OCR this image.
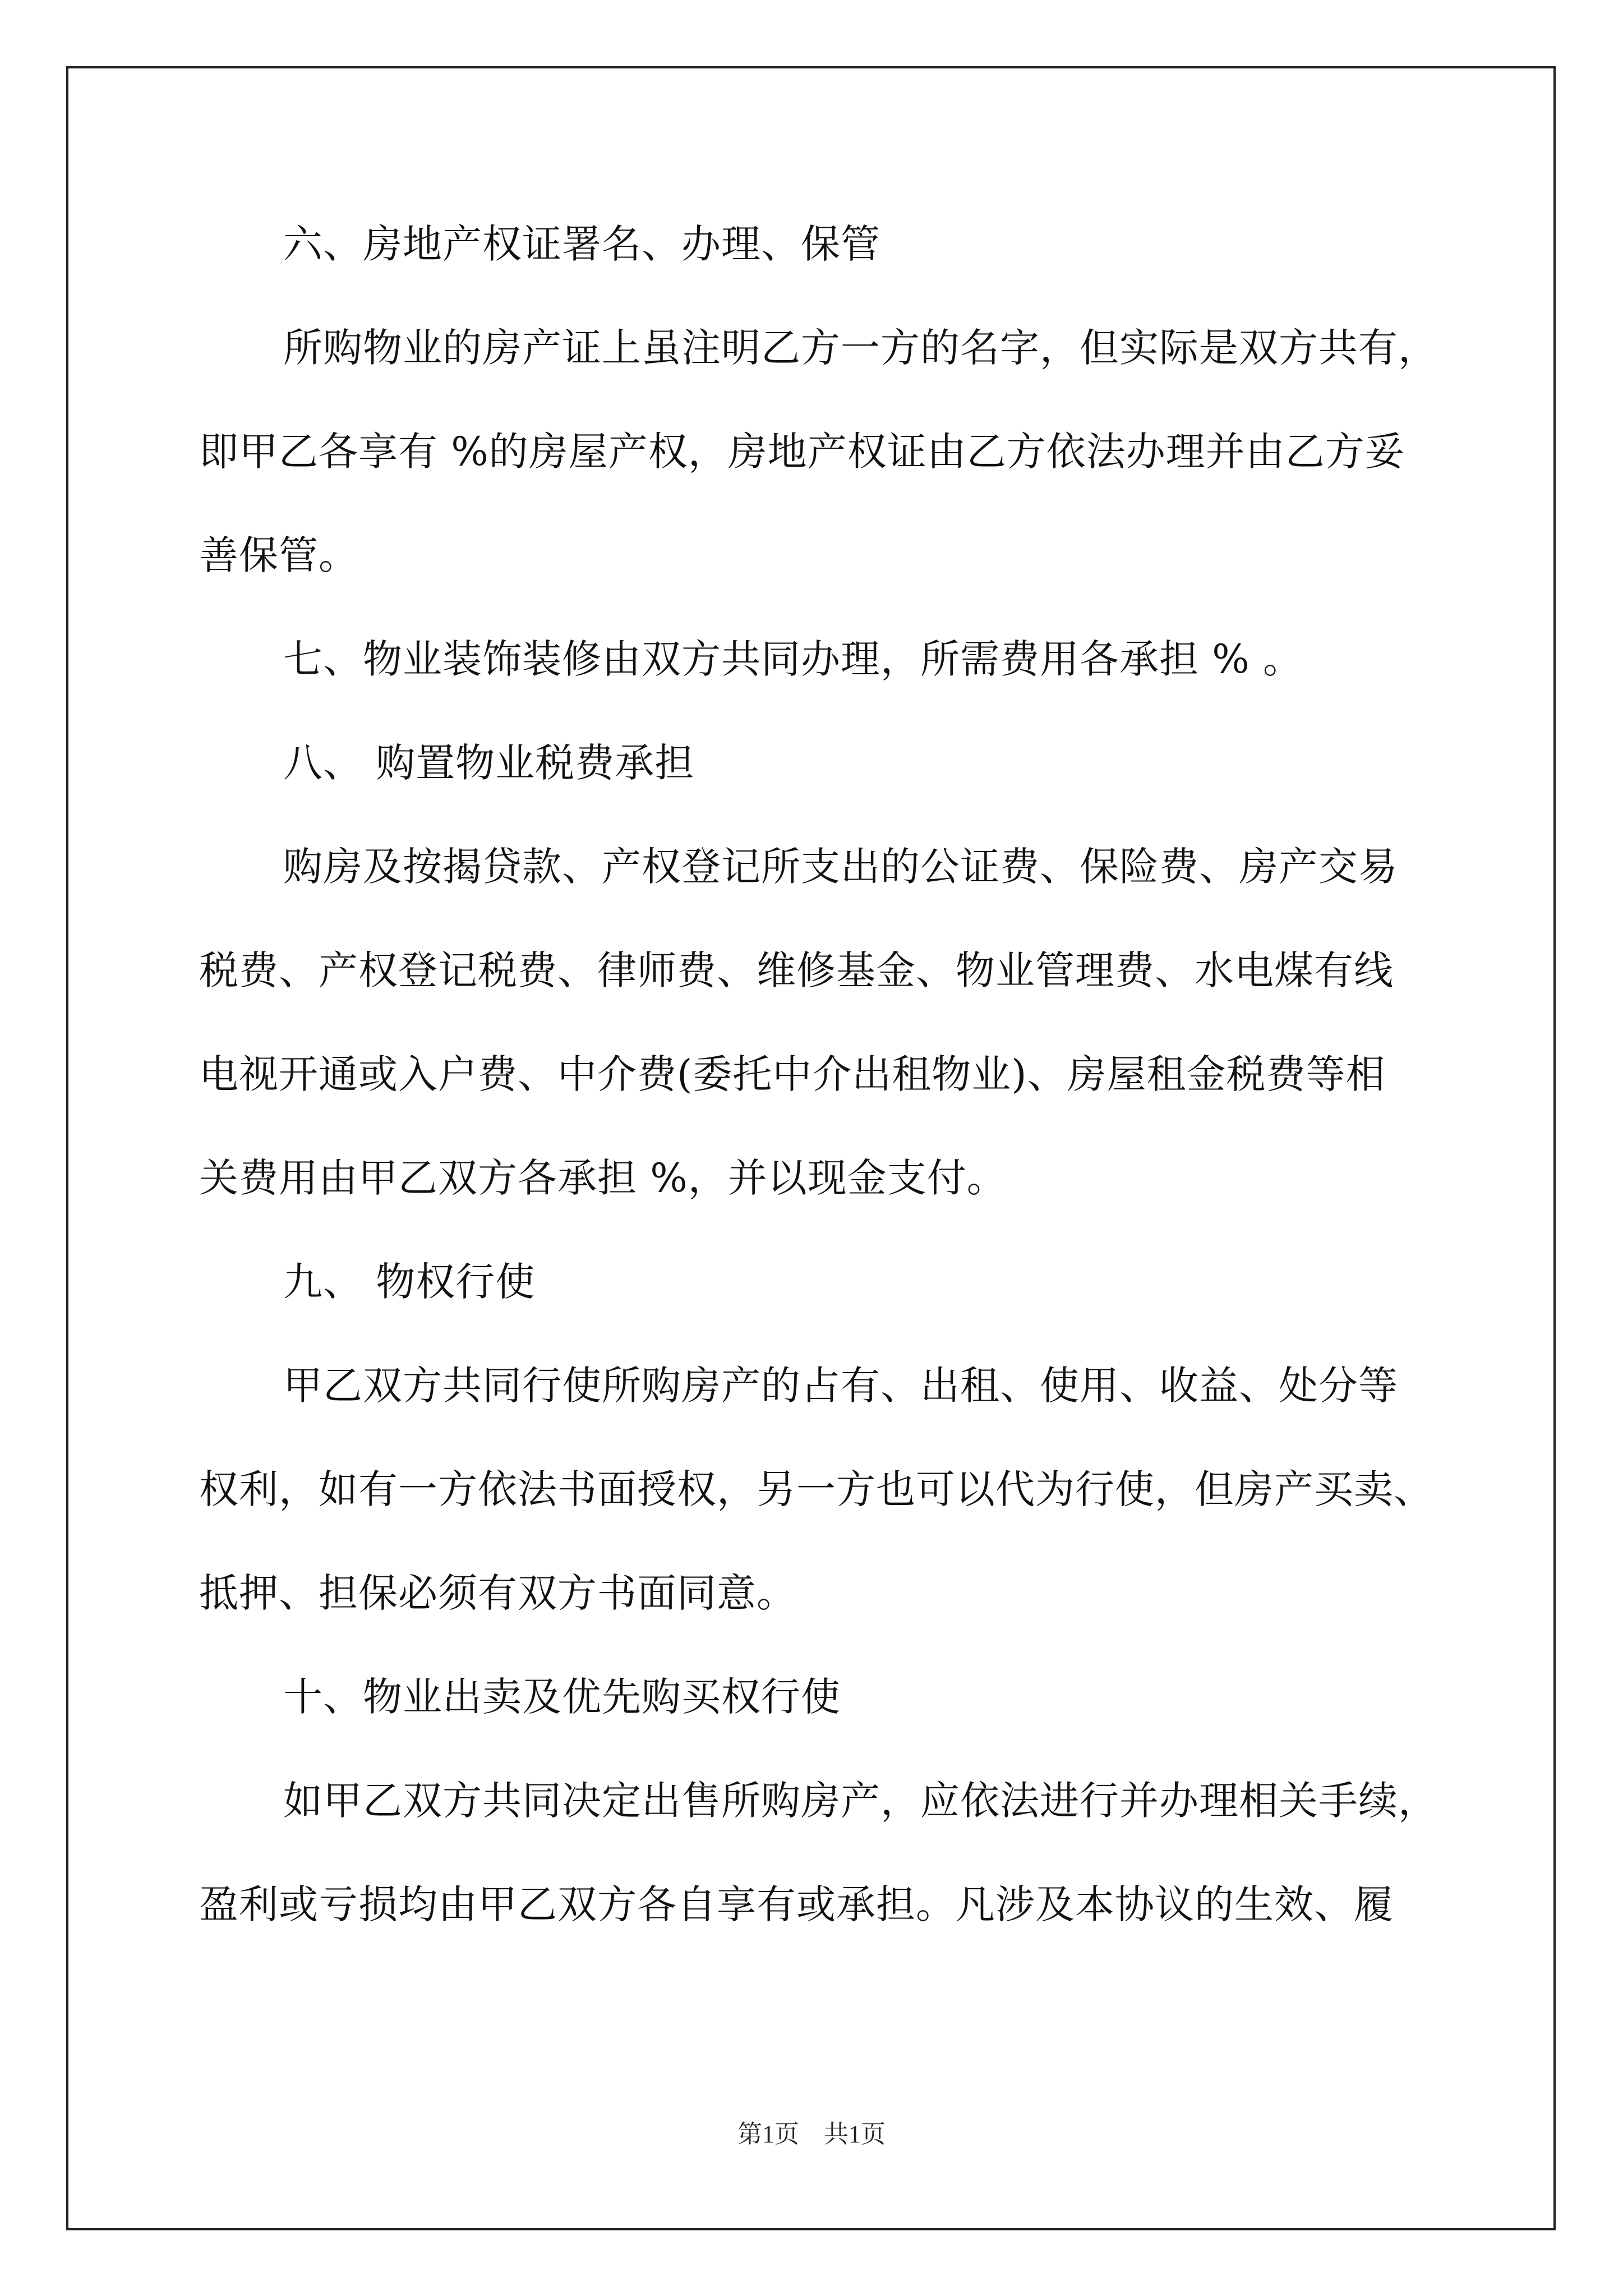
六、房地产权证署名、办理、保管
所购物业的房产证上虽注明乙方一方的名字，但实际是双方共有，
即甲乙各享有 %的房屋产权，房地产权证由乙方依法办理并由乙方妥
善保管。
七、物业装饰装修由双方共同办理，所需费用各承担 % 。
八、 购置物业税费承担
购房及按揭贷款、产权登记所支出的公证费、保险费、房产交易
税费、产权登记税费、律师费、维修基金、物业管理费、水电煤有线
电视开通或入户费、中介费(委托中介出租物业)、房屋租金税费等相
关费用由甲乙双方各承担 %，并以现金支付。
九、 物权行使
甲乙双方共同行使所购房产的占有、出租、使用、收益、处分等
权利，如有一方依法书面授权，另一方也可以代为行使，但房产买卖、
抵押、担保必须有双方书面同意。
十、物业出卖及优先购买权行使
如甲乙双方共同决定出售所购房产，应依法进行并办理相关手续，
盈利或亏损均由甲乙双方各自享有或承担。凡涉及本协议的生效、履
第1页　共1页
